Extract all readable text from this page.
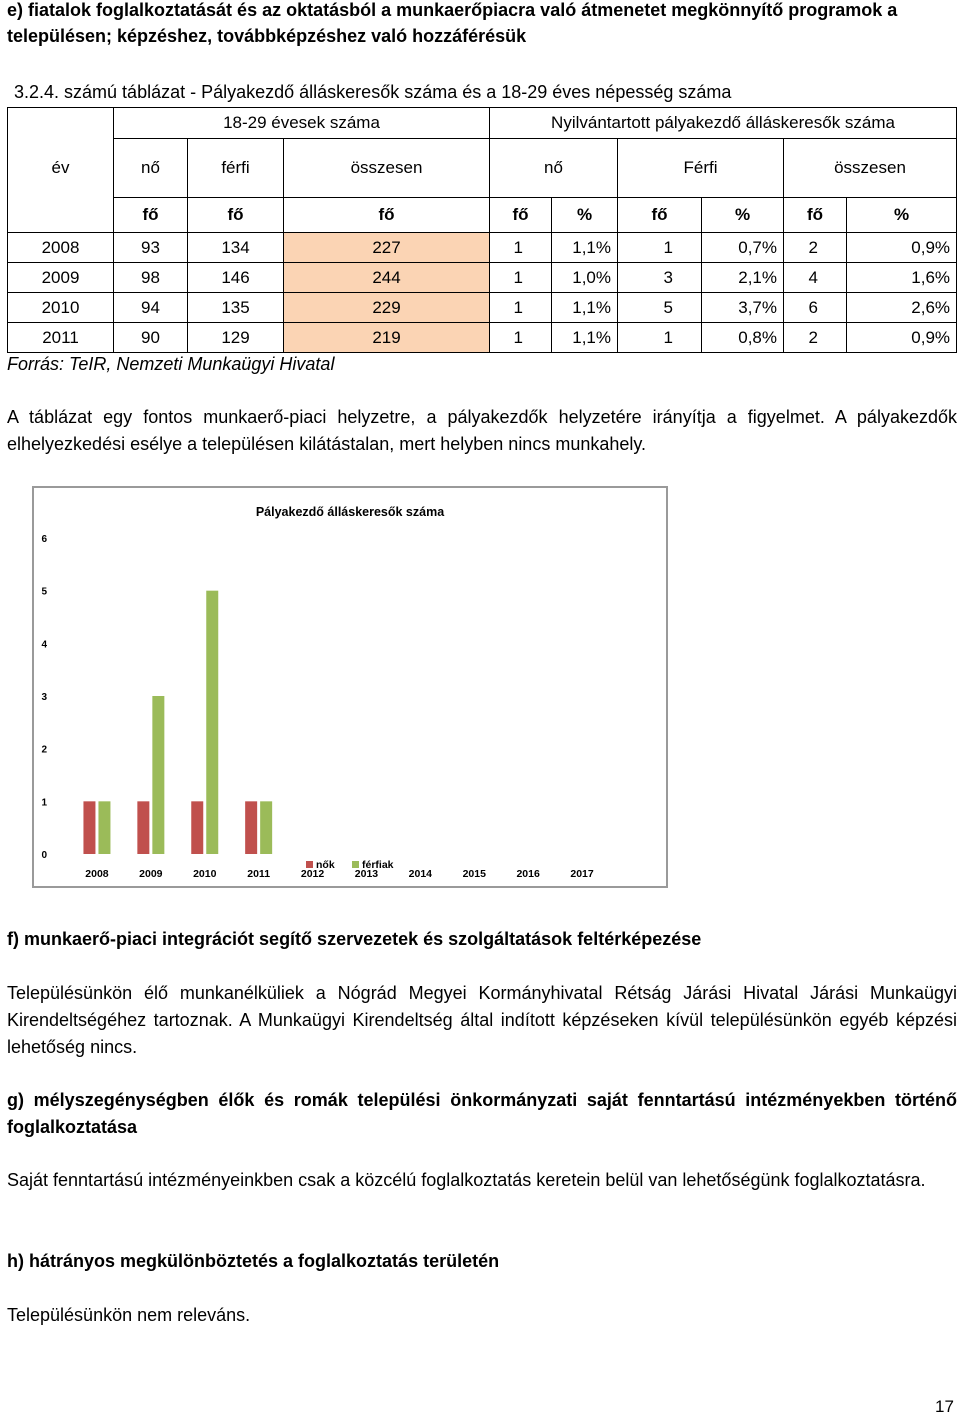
e) fiatalok foglalkoztatását és az oktatásból a munkaerőpiacra való átmenetet megkönnyítő programok a
településen; képzéshez, továbbképzéshez való hozzáférésük
3.2.4. számú táblázat - Pályakezdő álláskeresők száma és a 18-29 éves népesség száma
	18-29 évesek száma			Nyilvántartott pályakezdő álláskeresők száma					
év	nő	férfi	összesen	nő		Férfi		összesen	
	fő	fő	fő	fő	%	fő	%	fő	%
2008	93	134	227	1	1,1%	1	0,7%	2	0,9%
2009	98	146	244	1	1,0%	3	2,1%	4	1,6%
2010	94	135	229	1	1,1%	5	3,7%	6	2,6%
2011	90	129	219	1	1,1%	1	0,8%	2	0,9%
Forrás: TeIR, Nemzeti Munkaügyi Hivatal
A táblázat egy fontos munkaerő-piaci helyzetre, a pályakezdők helyzetére irányítja a figyelmet. A pályakezdők elhelyezkedési esélye a településen kilátástalan, mert helyben nincs munkahely.
Pályakezdő álláskeresők száma
0
1
2
3
4
5
6
2008	2009	2010	2011	2012	2013	2014	2015	2016	2017
nők	férfiak
f) munkaerő-piaci integrációt segítő szervezetek és szolgáltatások feltérképezése
Településünkön élő munkanélküliek a Nógrád Megyei Kormányhivatal Rétság Járási Hivatal Járási Munkaügyi Kirendeltségéhez tartoznak. A Munkaügyi Kirendeltség által indított képzéseken kívül településünkön egyéb képzési lehetőség nincs.
g) mélyszegénységben élők és romák települési önkormányzati saját fenntartású intézményekben történő foglalkoztatása
Saját fenntartású intézményeinkben csak a közcélú foglalkoztatás keretein belül van lehetőségünk foglalkoztatásra.
h) hátrányos megkülönböztetés a foglalkoztatás területén
Településünkön nem releváns.
17
